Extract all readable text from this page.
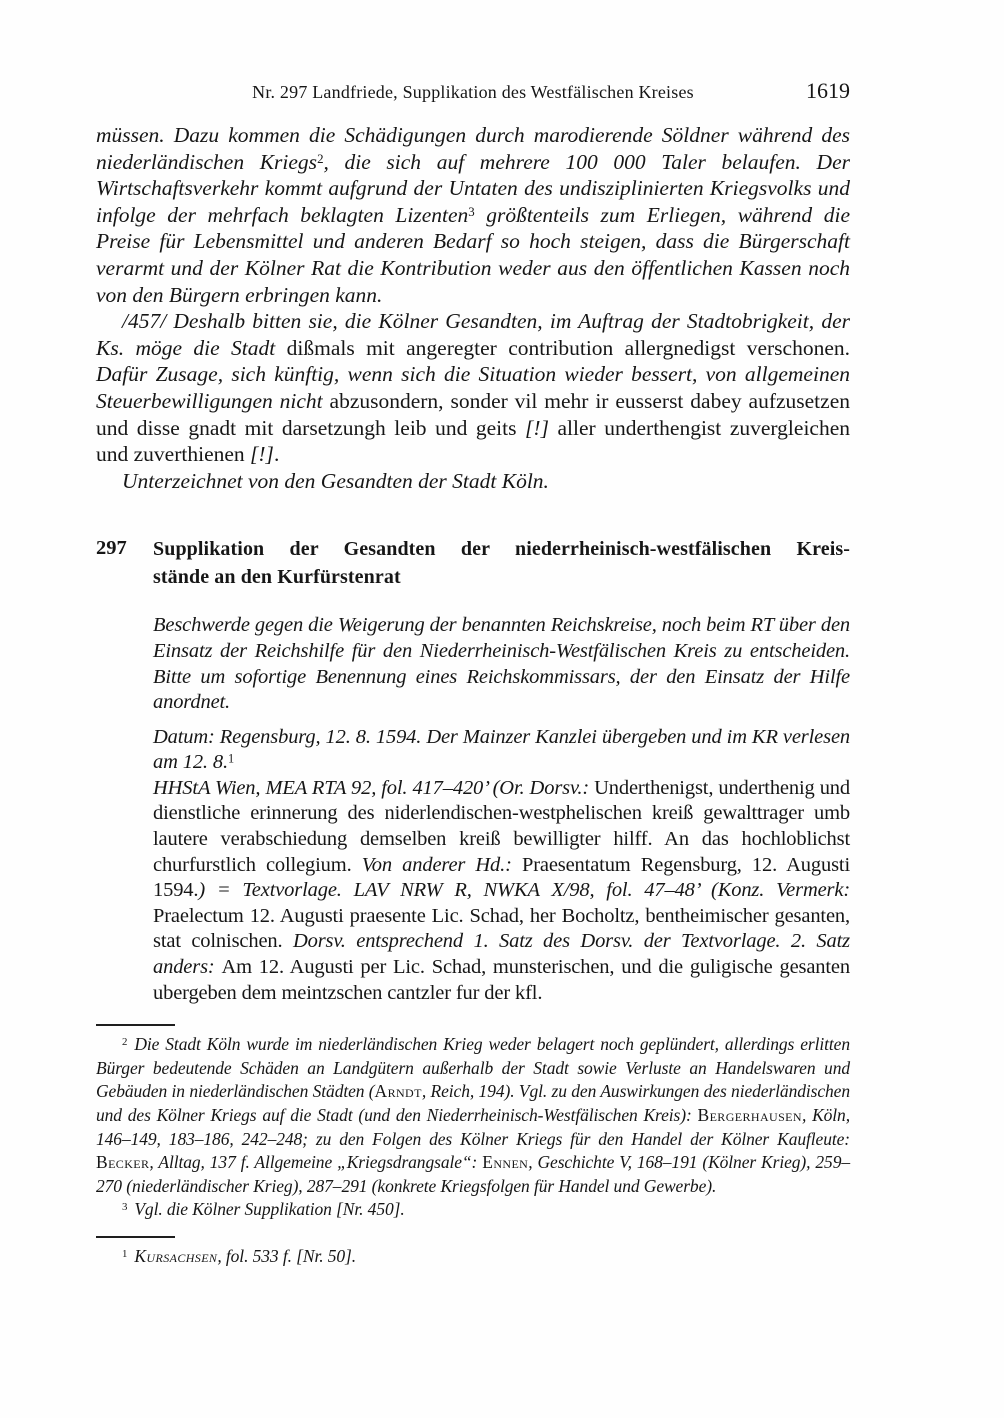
Nr. 297 Landfriede, Supplikation des Westfälischen Kreises	1619

müssen. Dazu kommen die Schädigungen durch marodierende Söldner während des niederländischen Kriegs$^2$, die sich auf mehrere 100 000 Taler belaufen. Der Wirtschaftsverkehr kommt aufgrund der Untaten des undisziplinierten Kriegsvolks und infolge der mehrfach beklagten Lizenten$^3$ größtenteils zum Erliegen, während die Preise für Lebensmittel und anderen Bedarf so hoch steigen, dass die Bürgerschaft verarmt und der Kölner Rat die Kontribution weder aus den öffentlichen Kassen noch von den Bürgern erbringen kann.

/457/ Deshalb bitten sie, die Kölner Gesandten, im Auftrag der Stadtobrigkeit, der Ks. möge die Stadt dißmals mit angeregter contribution allergnedigst verschonen. Dafür Zusage, sich künftig, wenn sich die Situation wieder bessert, von allgemeinen Steuerbewilligungen nicht abzusondern, sonder vil mehr ir eusserst dabey aufzusetzen und disse gnadt mit darsetzungh leib und geits [!] aller underthengist zuvergleichen und zuverthienen [!].

Unterzeichnet von den Gesandten der Stadt Köln.

297 Supplikation der Gesandten der niederrheinisch-westfälischen Kreis-
stände an den Kurfürstenrat

Beschwerde gegen die Weigerung der benannten Reichskreise, noch beim RT über den Einsatz der Reichshilfe für den Niederrheinisch-Westfälischen Kreis zu entscheiden. Bitte um sofortige Benennung eines Reichskommissars, der den Einsatz der Hilfe anordnet.

Datum: Regensburg, 12. 8. 1594. Der Mainzer Kanzlei übergeben und im KR verlesen am 12. 8.$^1$

HHStA Wien, MEA RTA 92, fol. 417–420’ (Or. Dorsv.: Underthenigst, underthenig und dienstliche erinnerung des niderlendischen-westphelischen kreiß gewalttrager umb lautere verabschiedung demselben kreiß bewilligter hilff. An das hochloblichst churfurstlich collegium. Von anderer Hd.: Praesentatum Regensburg, 12. Augusti 1594.) = Textvorlage. LAV NRW R, NWKA X/98, fol. 47–48’ (Konz. Vermerk: Praelectum 12. Augusti praesente Lic. Schad, her Bocholtz, bentheimischer gesanten, stat colnischen. Dorsv. entsprechend 1. Satz des Dorsv. der Textvorlage. 2. Satz anders: Am 12. Augusti per Lic. Schad, munsterischen, und die guligische gesanten ubergeben dem meintzschen cantzler fur der kfl.

$^2$ Die Stadt Köln wurde im niederländischen Krieg weder belagert noch geplündert, allerdings erlitten Bürger bedeutende Schäden an Landgütern außerhalb der Stadt sowie Verluste an Handelswaren und Gebäuden in niederländischen Städten (Arndt, Reich, 194). Vgl. zu den Auswirkungen des niederländischen und des Kölner Kriegs auf die Stadt (und den Niederrheinisch-Westfälischen Kreis): Bergerhausen, Köln, 146–149, 183–186, 242–248; zu den Folgen des Kölner Kriegs für den Handel der Kölner Kaufleute: Becker, Alltag, 137 f. Allgemeine „Kriegsdrangsale“: Ennen, Geschichte V, 168–191 (Kölner Krieg), 259–270 (niederländischer Krieg), 287–291 (konkrete Kriegsfolgen für Handel und Gewerbe).

$^3$ Vgl. die Kölner Supplikation [Nr. 450].

$^1$ Kursachsen, fol. 533 f. [Nr. 50].
